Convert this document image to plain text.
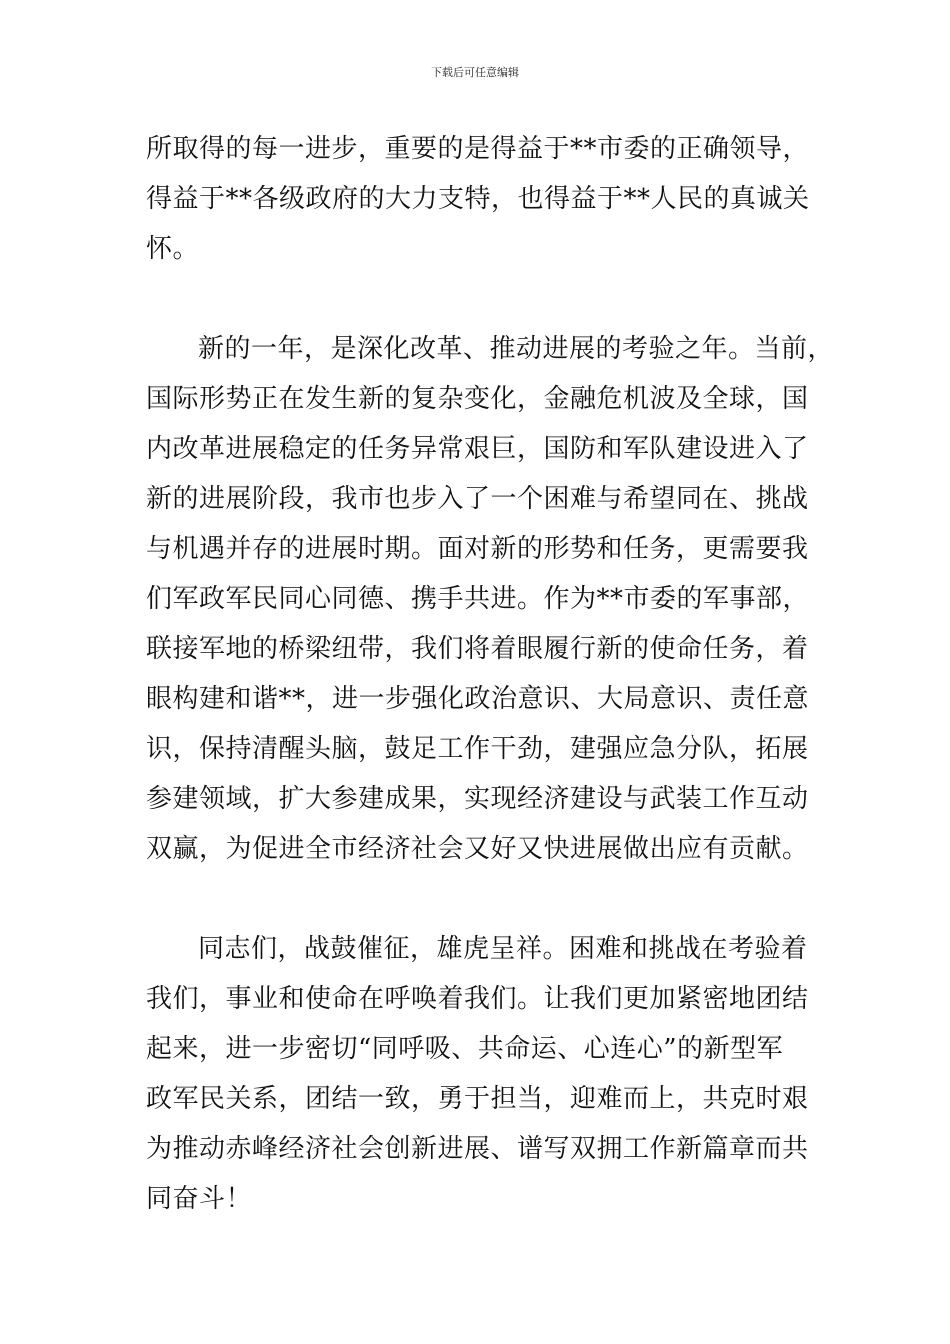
下载后可任意编辑
所取得的每一进步，重要的是得益于**市委的正确领导，
得益于**各级政府的大力支特，也得益于**人民的真诚关
怀。
新的一年，是深化改革、推动进展的考验之年。当前，
国际形势正在发生新的复杂变化，金融危机波及全球，国
内改革进展稳定的任务异常艰巨，国防和军队建设进入了
新的进展阶段，我市也步入了一个困难与希望同在、挑战
与机遇并存的进展时期。面对新的形势和任务，更需要我
们军政军民同心同德、携手共进。作为**市委的军事部，
联接军地的桥梁纽带，我们将着眼履行新的使命任务，着
眼构建和谐**，进一步强化政治意识、大局意识、责任意
识，保持清醒头脑，鼓足工作干劲，建强应急分队，拓展
参建领域，扩大参建成果，实现经济建设与武装工作互动
双赢，为促进全市经济社会又好又快进展做出应有贡献。
同志们，战鼓催征，雄虎呈祥。困难和挑战在考验着
我们，事业和使命在呼唤着我们。让我们更加紧密地团结
起来，进一步密切“同呼吸、共命运、心连心”的新型军
政军民关系，团结一致，勇于担当，迎难而上，共克时艰
为推动赤峰经济社会创新进展、谱写双拥工作新篇章而共
同奋斗！
